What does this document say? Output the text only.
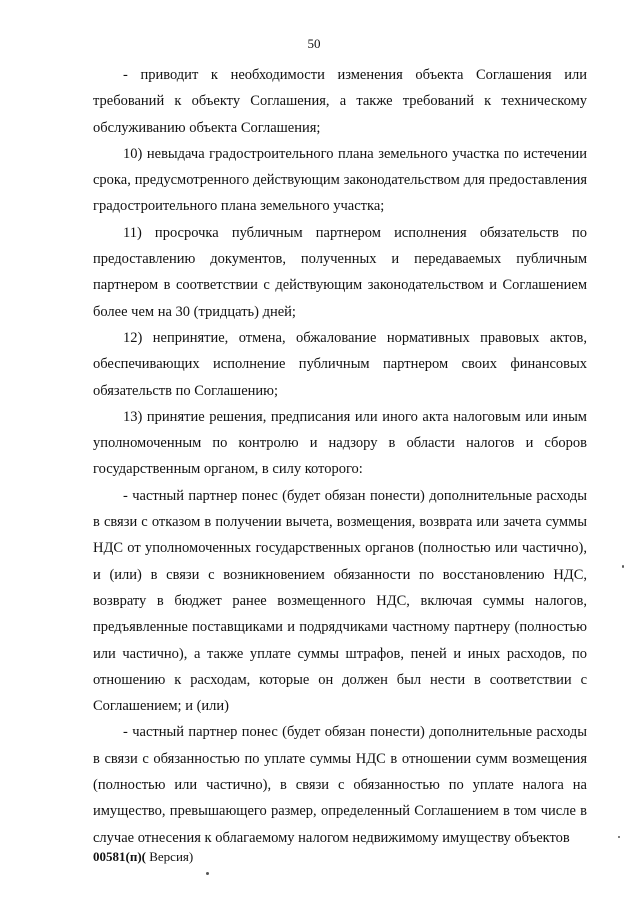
50

- приводит к необходимости изменения объекта Соглашения или требований к объекту Соглашения, а также требований к техническому обслуживанию объекта Соглашения;

10) невыдача градостроительного плана земельного участка по истечении срока, предусмотренного действующим законодательством для предоставления градостроительного плана земельного участка;

11) просрочка публичным партнером исполнения обязательств по предоставлению документов, полученных и передаваемых публичным партнером в соответствии с действующим законодательством и Соглашением более чем на 30 (тридцать) дней;

12) непринятие, отмена, обжалование нормативных правовых актов, обеспечивающих исполнение публичным партнером своих финансовых обязательств по Соглашению;

13) принятие решения, предписания или иного акта налоговым или иным уполномоченным по контролю и надзору в области налогов и сборов государственным органом, в силу которого:

- частный партнер понес (будет обязан понести) дополнительные расходы в связи с отказом в получении вычета, возмещения, возврата или зачета суммы НДС от уполномоченных государственных органов (полностью или частично), и (или) в связи с возникновением обязанности по восстановлению НДС, возврату в бюджет ранее возмещенного НДС, включая суммы налогов, предъявленные поставщиками и подрядчиками частному партнеру (полностью или частично), а также уплате суммы штрафов, пеней и иных расходов, по отношению к расходам, которые он должен был нести в соответствии с Соглашением; и (или)

- частный партнер понес (будет обязан понести) дополнительные расходы в связи с обязанностью по уплате суммы НДС в отношении сумм возмещения (полностью или частично), в связи с обязанностью по уплате налога на имущество, превышающего размер, определенный Соглашением в том числе в случае отнесения к облагаемому налогом недвижимому имуществу объектов

00581(п)( Версия)
